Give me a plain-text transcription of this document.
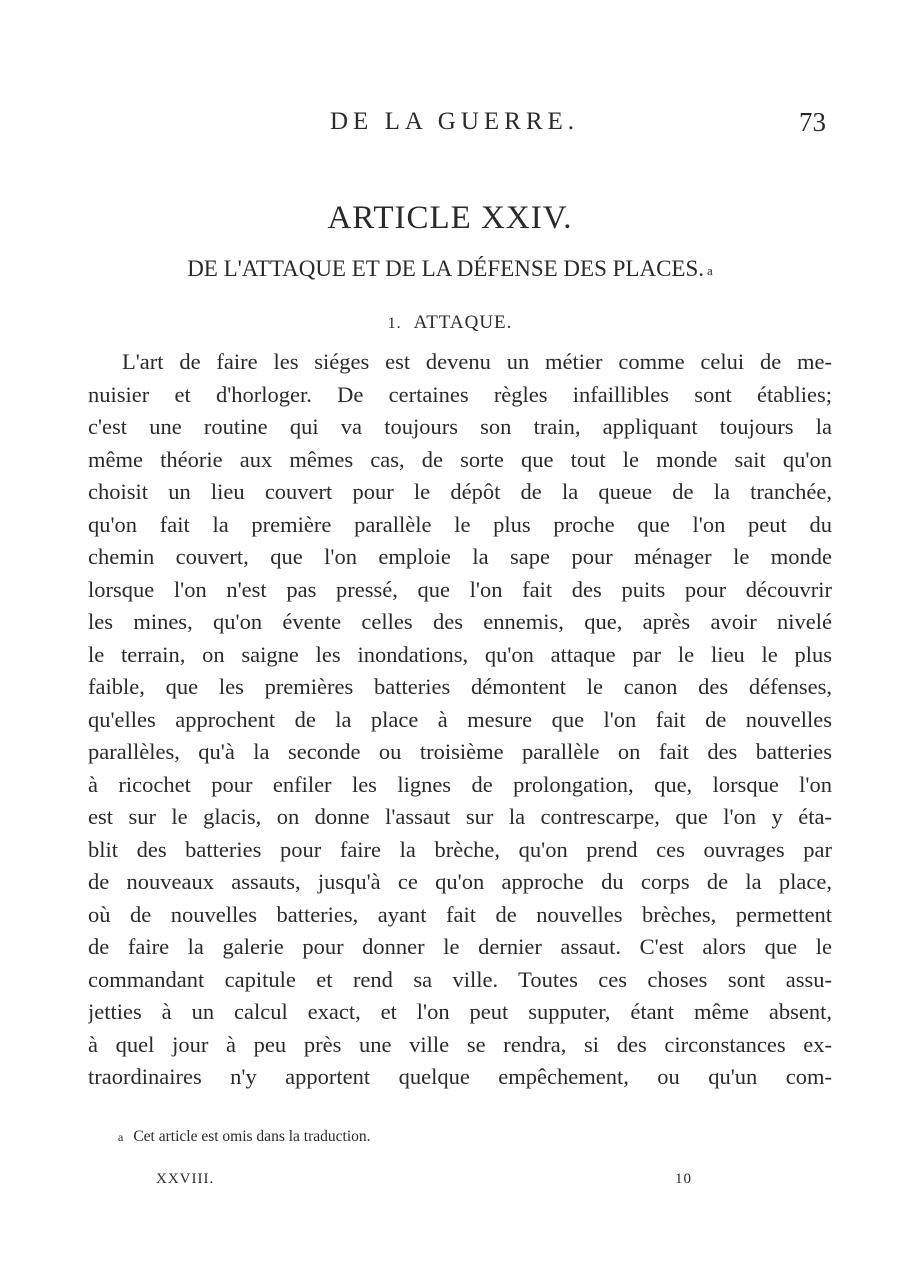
DE LA GUERRE.	73
ARTICLE XXIV.
DE L'ATTAQUE ET DE LA DÉFENSE DES PLACES. $^a$
1. ATTAQUE.
L'art de faire les siéges est devenu un métier comme celui de me-
nuisier et d'horloger. De certaines règles infaillibles sont établies;
c'est une routine qui va toujours son train, appliquant toujours la
même théorie aux mêmes cas, de sorte que tout le monde sait qu'on
choisit un lieu couvert pour le dépôt de la queue de la tranchée,
qu'on fait la première parallèle le plus proche que l'on peut du
chemin couvert, que l'on emploie la sape pour ménager le monde
lorsque l'on n'est pas pressé, que l'on fait des puits pour découvrir
les mines, qu'on évente celles des ennemis, que, après avoir nivelé
le terrain, on saigne les inondations, qu'on attaque par le lieu le plus
faible, que les premières batteries démontent le canon des défenses,
qu'elles approchent de la place à mesure que l'on fait de nouvelles
parallèles, qu'à la seconde ou troisième parallèle on fait des batteries
à ricochet pour enfiler les lignes de prolongation, que, lorsque l'on
est sur le glacis, on donne l'assaut sur la contrescarpe, que l'on y éta-
blit des batteries pour faire la brèche, qu'on prend ces ouvrages par
de nouveaux assauts, jusqu'à ce qu'on approche du corps de la place,
où de nouvelles batteries, ayant fait de nouvelles brèches, permettent
de faire la galerie pour donner le dernier assaut. C'est alors que le
commandant capitule et rend sa ville. Toutes ces choses sont assu-
jetties à un calcul exact, et l'on peut supputer, étant même absent,
à quel jour à peu près une ville se rendra, si des circonstances ex-
traordinaires n'y apportent quelque empêchement, ou qu'un com-
$^a$ Cet article est omis dans la traduction.
XXVIII.	10
